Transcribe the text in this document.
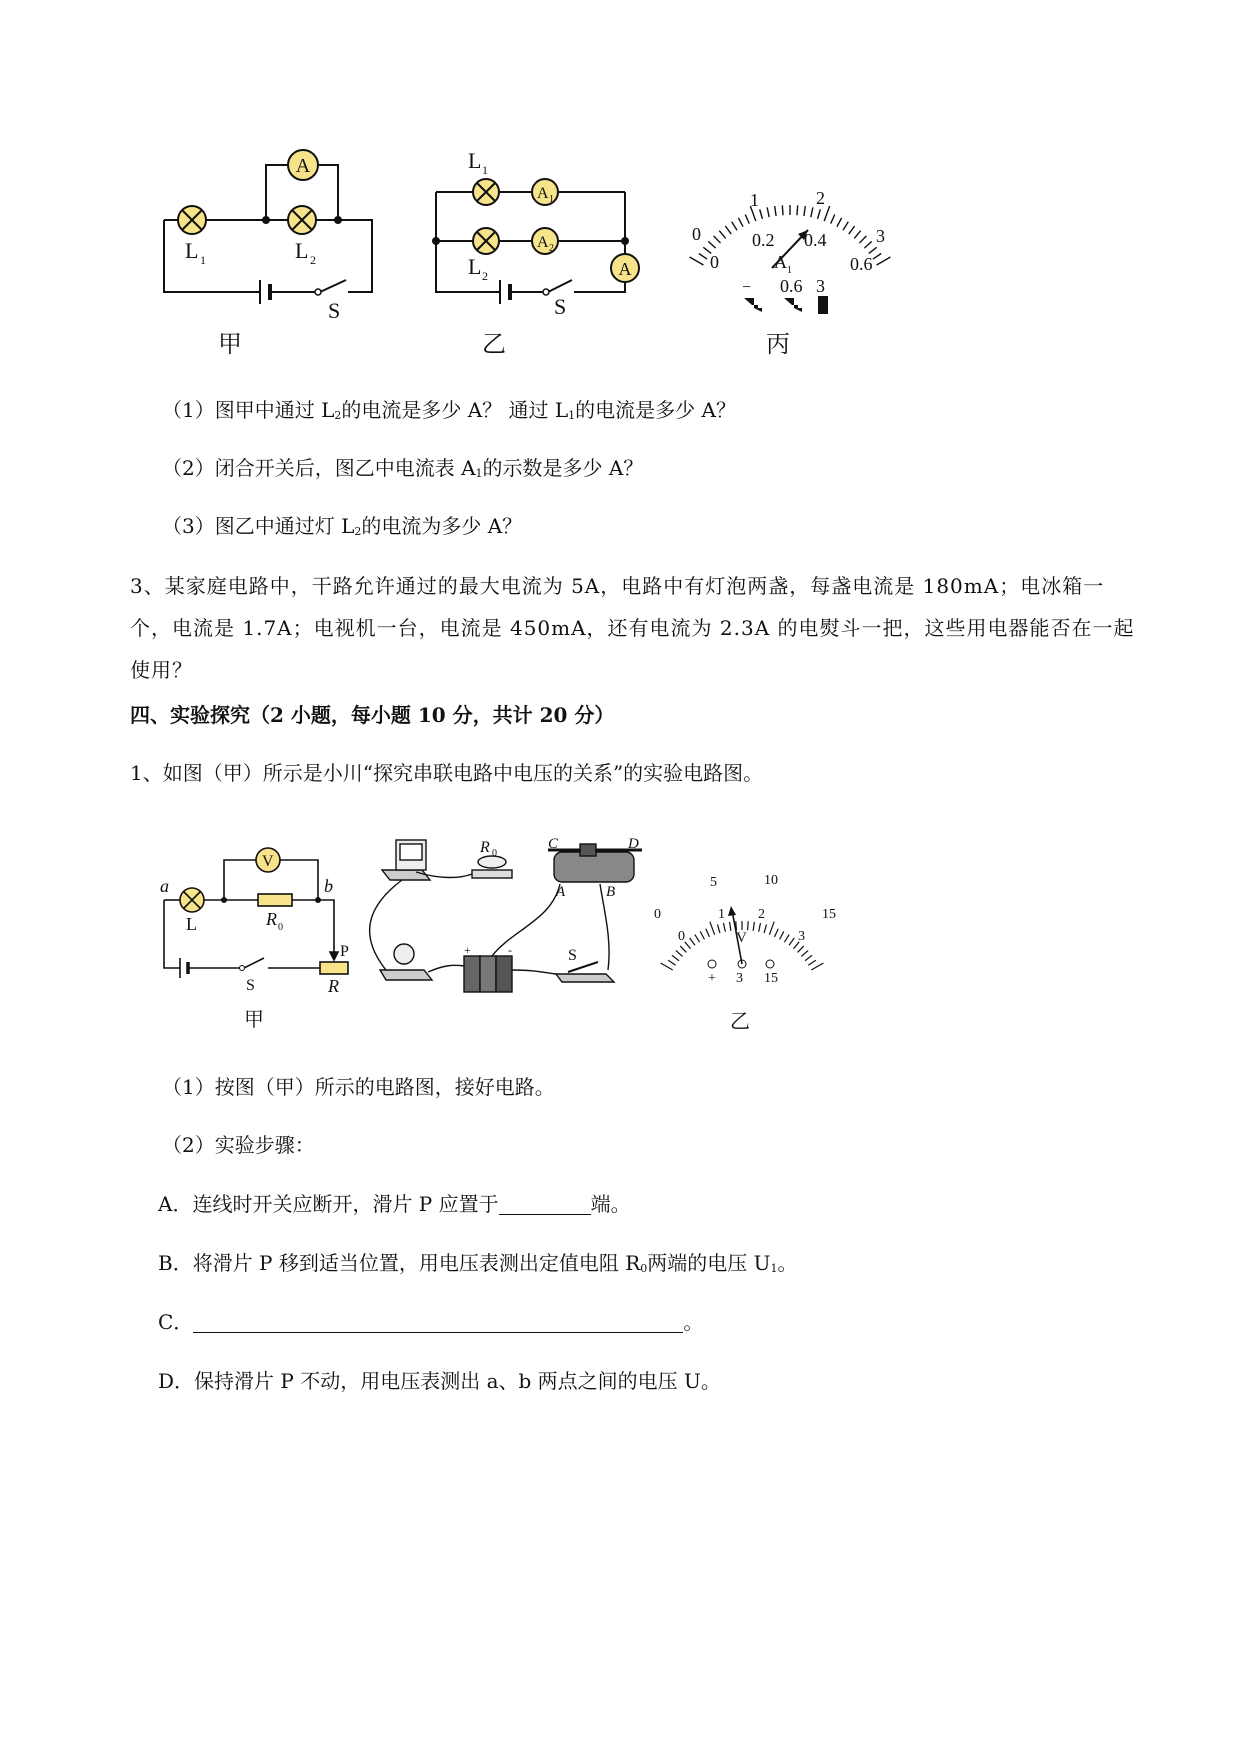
A
L 1	L 2
S
甲
L 1
L 2
A 1
A 2
A
S
乙
0
1	2
3
0
0.2 0.4
0.6
A 1
− 0.6 3
丙
（1）图甲中通过 $L_2$的电流是多少 A？ 通过 $L_1$的电流是多少 A？
（2）闭合开关后，图乙中电流表 $A_1$的示数是多少 A？
（3）图乙中通过灯 $L_2$的电流为多少 A？
3、某家庭电路中，干路允许通过的最大电流为 5A，电路中有灯泡两盏，每盏电流是 180mA；电冰箱一个，电流是 1.7A；电视机一台，电流是 450mA，还有电流为 2.3A 的电熨斗一把，这些用电器能否在一起使用？
四、实验探究（2 小题，每小题 10 分，共计 20 分）
1、如图（甲）所示是小川“探究串联电路中电压的关系”的实验电路图。
V
a	b
L	R 0
P
R
S
甲
R 0
C	D
A	B
S
+	-
0
5	10
15
0
1 2
3
V
+ 3 15
乙
（1）按图（甲）所示的电路图，接好电路。
（2）实验步骤：
A．连线时开关应断开，滑片 P 应置于	端。
B．将滑片 P 移到适当位置，用电压表测出定值电阻 $R_0$两端的电压 $U_1$。
C．	。
D．保持滑片 P 不动，用电压表测出 a、b 两点之间的电压 U。
